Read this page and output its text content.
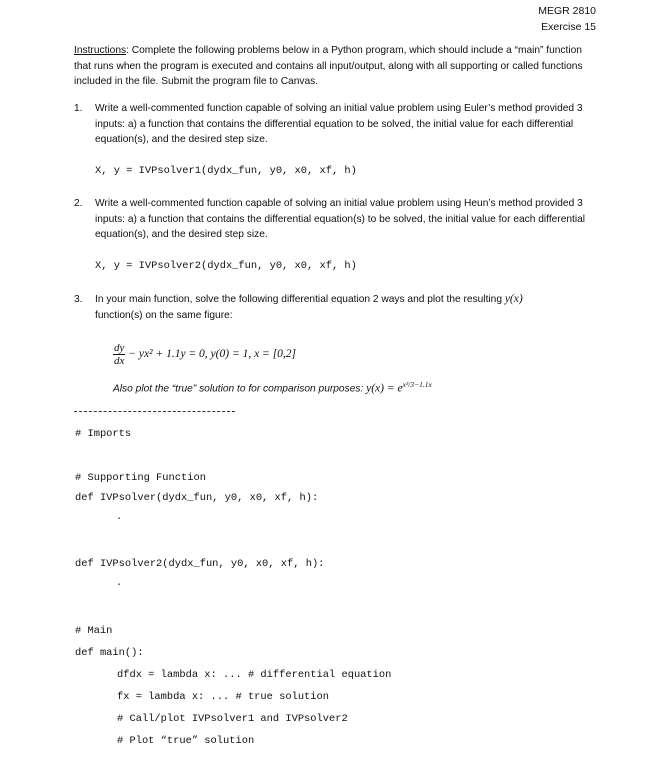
MEGR 2810
Exercise 15
Instructions: Complete the following problems below in a Python program, which should include a “main” function that runs when the program is executed and contains all input/output, along with all supporting or called functions included in the file. Submit the program file to Canvas.
1. Write a well-commented function capable of solving an initial value problem using Euler’s method provided 3 inputs: a) a function that contains the differential equation to be solved, the initial value for each differential equation(s), and the desired step size.
X, y = IVPsolver1(dydx_fun, y0, x0, xf, h)
2. Write a well-commented function capable of solving an initial value problem using Heun’s method provided 3 inputs: a) a function that contains the differential equation(s) to be solved, the initial value for each differential equation(s), and the desired step size.
X, y = IVPsolver2(dydx_fun, y0, x0, xf, h)
3. In your main function, solve the following differential equation 2 ways and plot the resulting y(x)
function(s) on the same figure:
$\frac{dy}{dx} - yx^2 + 1.1y = 0$, y(0) = 1, x = [0,2]
Also plot the “true” solution to for comparison purposes: $y(x) = e^{x^3/3-1.1x}$
# Imports
# Supporting Function
def IVPsolver(dydx_fun, y0, x0, xf, h):
.
def IVPsolver2(dydx_fun, y0, x0, xf, h):
.
# Main
def main():
dfdx = lambda x: ... # differential equation
fx = lambda x: ... # true solution
# Call/plot IVPsolver1 and IVPsolver2
# Plot “true” solution
